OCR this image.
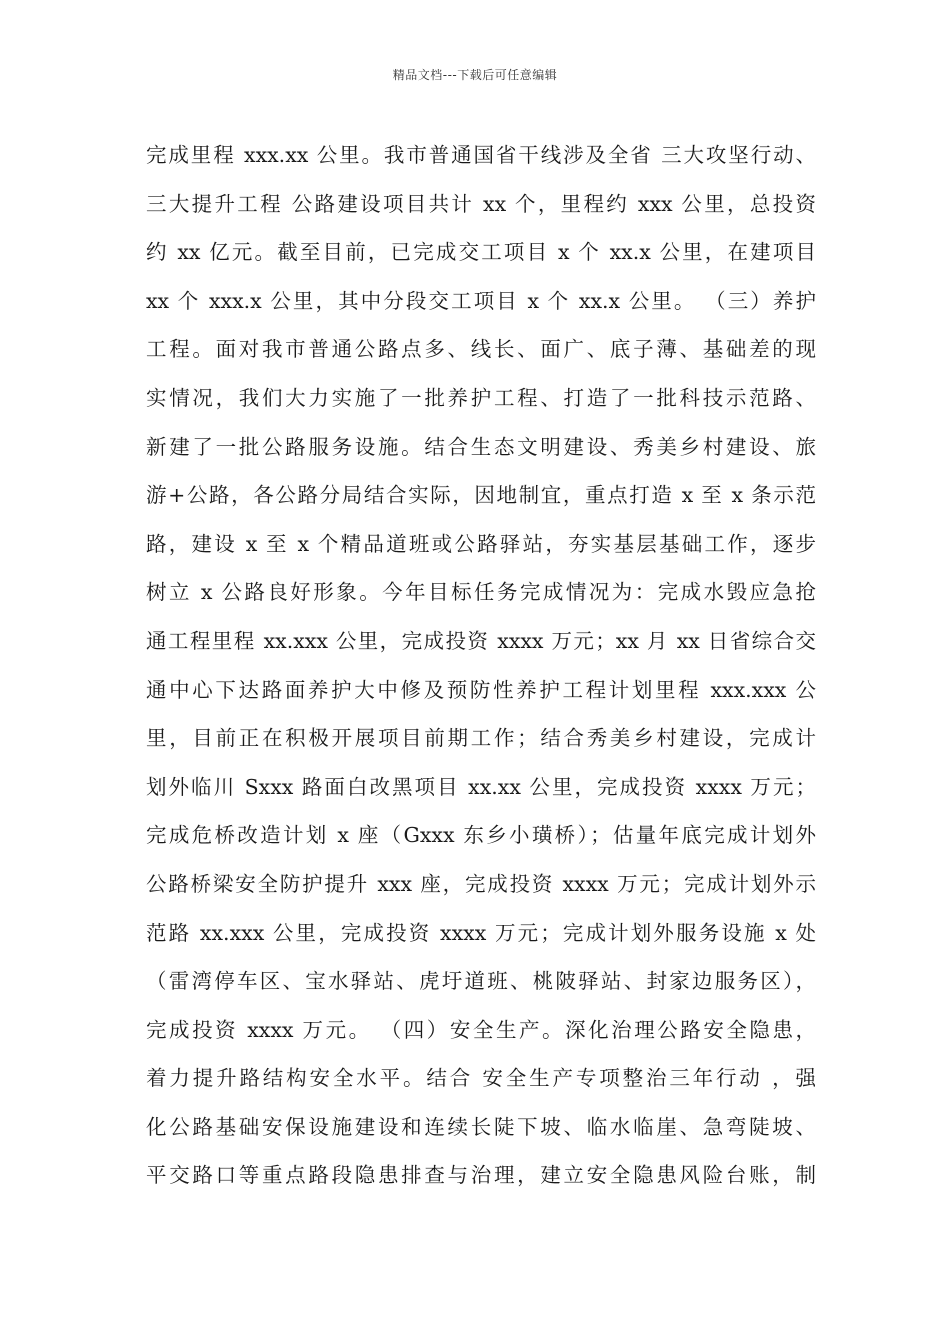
精品文档---下载后可任意编辑
完成里程 xxx.xx 公里。我市普通国省干线涉及全省 三大攻坚行动、
三大提升工程 公路建设项目共计 xx 个，里程约 xxx 公里，总投资
约 xx 亿元。截至目前，已完成交工项目 x 个 xx.x 公里，在建项目
xx 个 xxx.x 公里，其中分段交工项目 x 个 xx.x 公里。 （三）养护
工程。面对我市普通公路点多、线长、面广、底子薄、基础差的现
实情况，我们大力实施了一批养护工程、打造了一批科技示范路、
新建了一批公路服务设施。结合生态文明建设、秀美乡村建设、旅
游+公路，各公路分局结合实际，因地制宜，重点打造 x 至 x 条示范
路，建设 x 至 x 个精品道班或公路驿站，夯实基层基础工作，逐步
树立 x 公路良好形象。今年目标任务完成情况为：完成水毁应急抢
通工程里程 xx.xxx 公里，完成投资 xxxx 万元；xx 月 xx 日省综合交
通中心下达路面养护大中修及预防性养护工程计划里程 xxx.xxx 公
里，目前正在积极开展项目前期工作；结合秀美乡村建设，完成计
划外临川 Sxxx 路面白改黑项目 xx.xx 公里，完成投资 xxxx 万元；
完成危桥改造计划 x 座（Gxxx 东乡小璜桥）；估量年底完成计划外
公路桥梁安全防护提升 xxx 座，完成投资 xxxx 万元；完成计划外示
范路 xx.xxx 公里，完成投资 xxxx 万元；完成计划外服务设施 x 处
（雷湾停车区、宝水驿站、虎圩道班、桃陂驿站、封家边服务区），
完成投资 xxxx 万元。 （四）安全生产。深化治理公路安全隐患，
着力提升路结构安全水平。结合 安全生产专项整治三年行动 ，强
化公路基础安保设施建设和连续长陡下坡、临水临崖、急弯陡坡、
平交路口等重点路段隐患排查与治理，建立安全隐患风险台账，制
